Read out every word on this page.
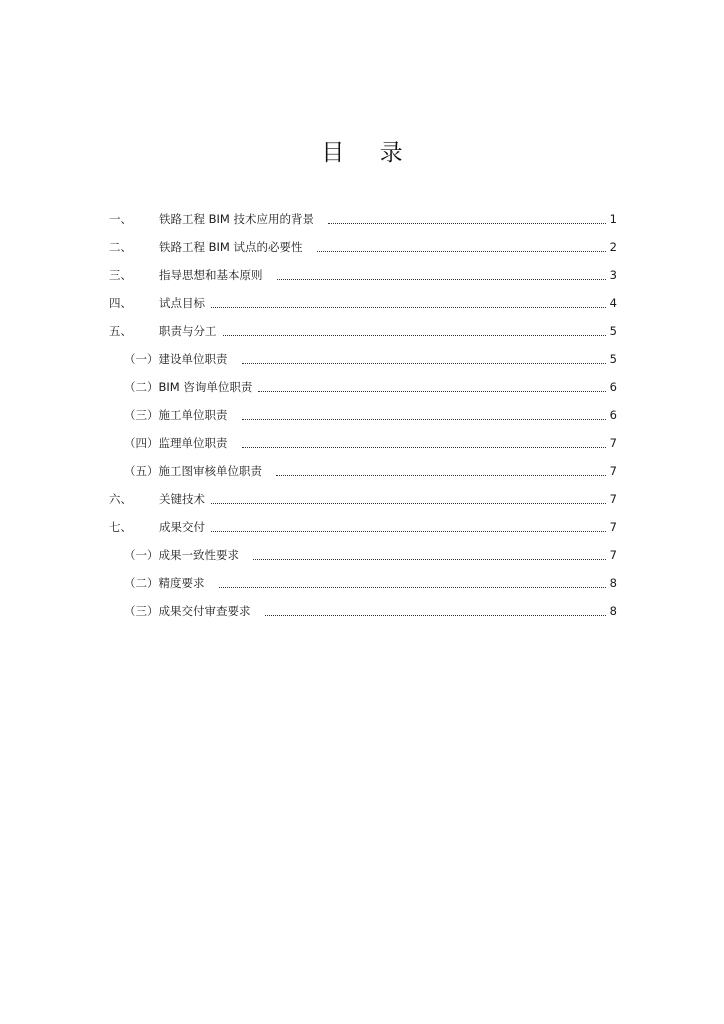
目 录
一、	铁路工程 BIM 技术应用的背景	1
二、	铁路工程 BIM 试点的必要性	2
三、	指导思想和基本原则	3
四、	试点目标	4
五、	职责与分工	5
（一） 建设单位职责	5
（二） BIM 咨询单位职责	6
（三） 施工单位职责	6
（四） 监理单位职责	7
（五） 施工图审核单位职责	7
六、	关键技术	7
七、	成果交付	7
（一） 成果一致性要求	7
（二） 精度要求	8
（三） 成果交付审查要求	8
